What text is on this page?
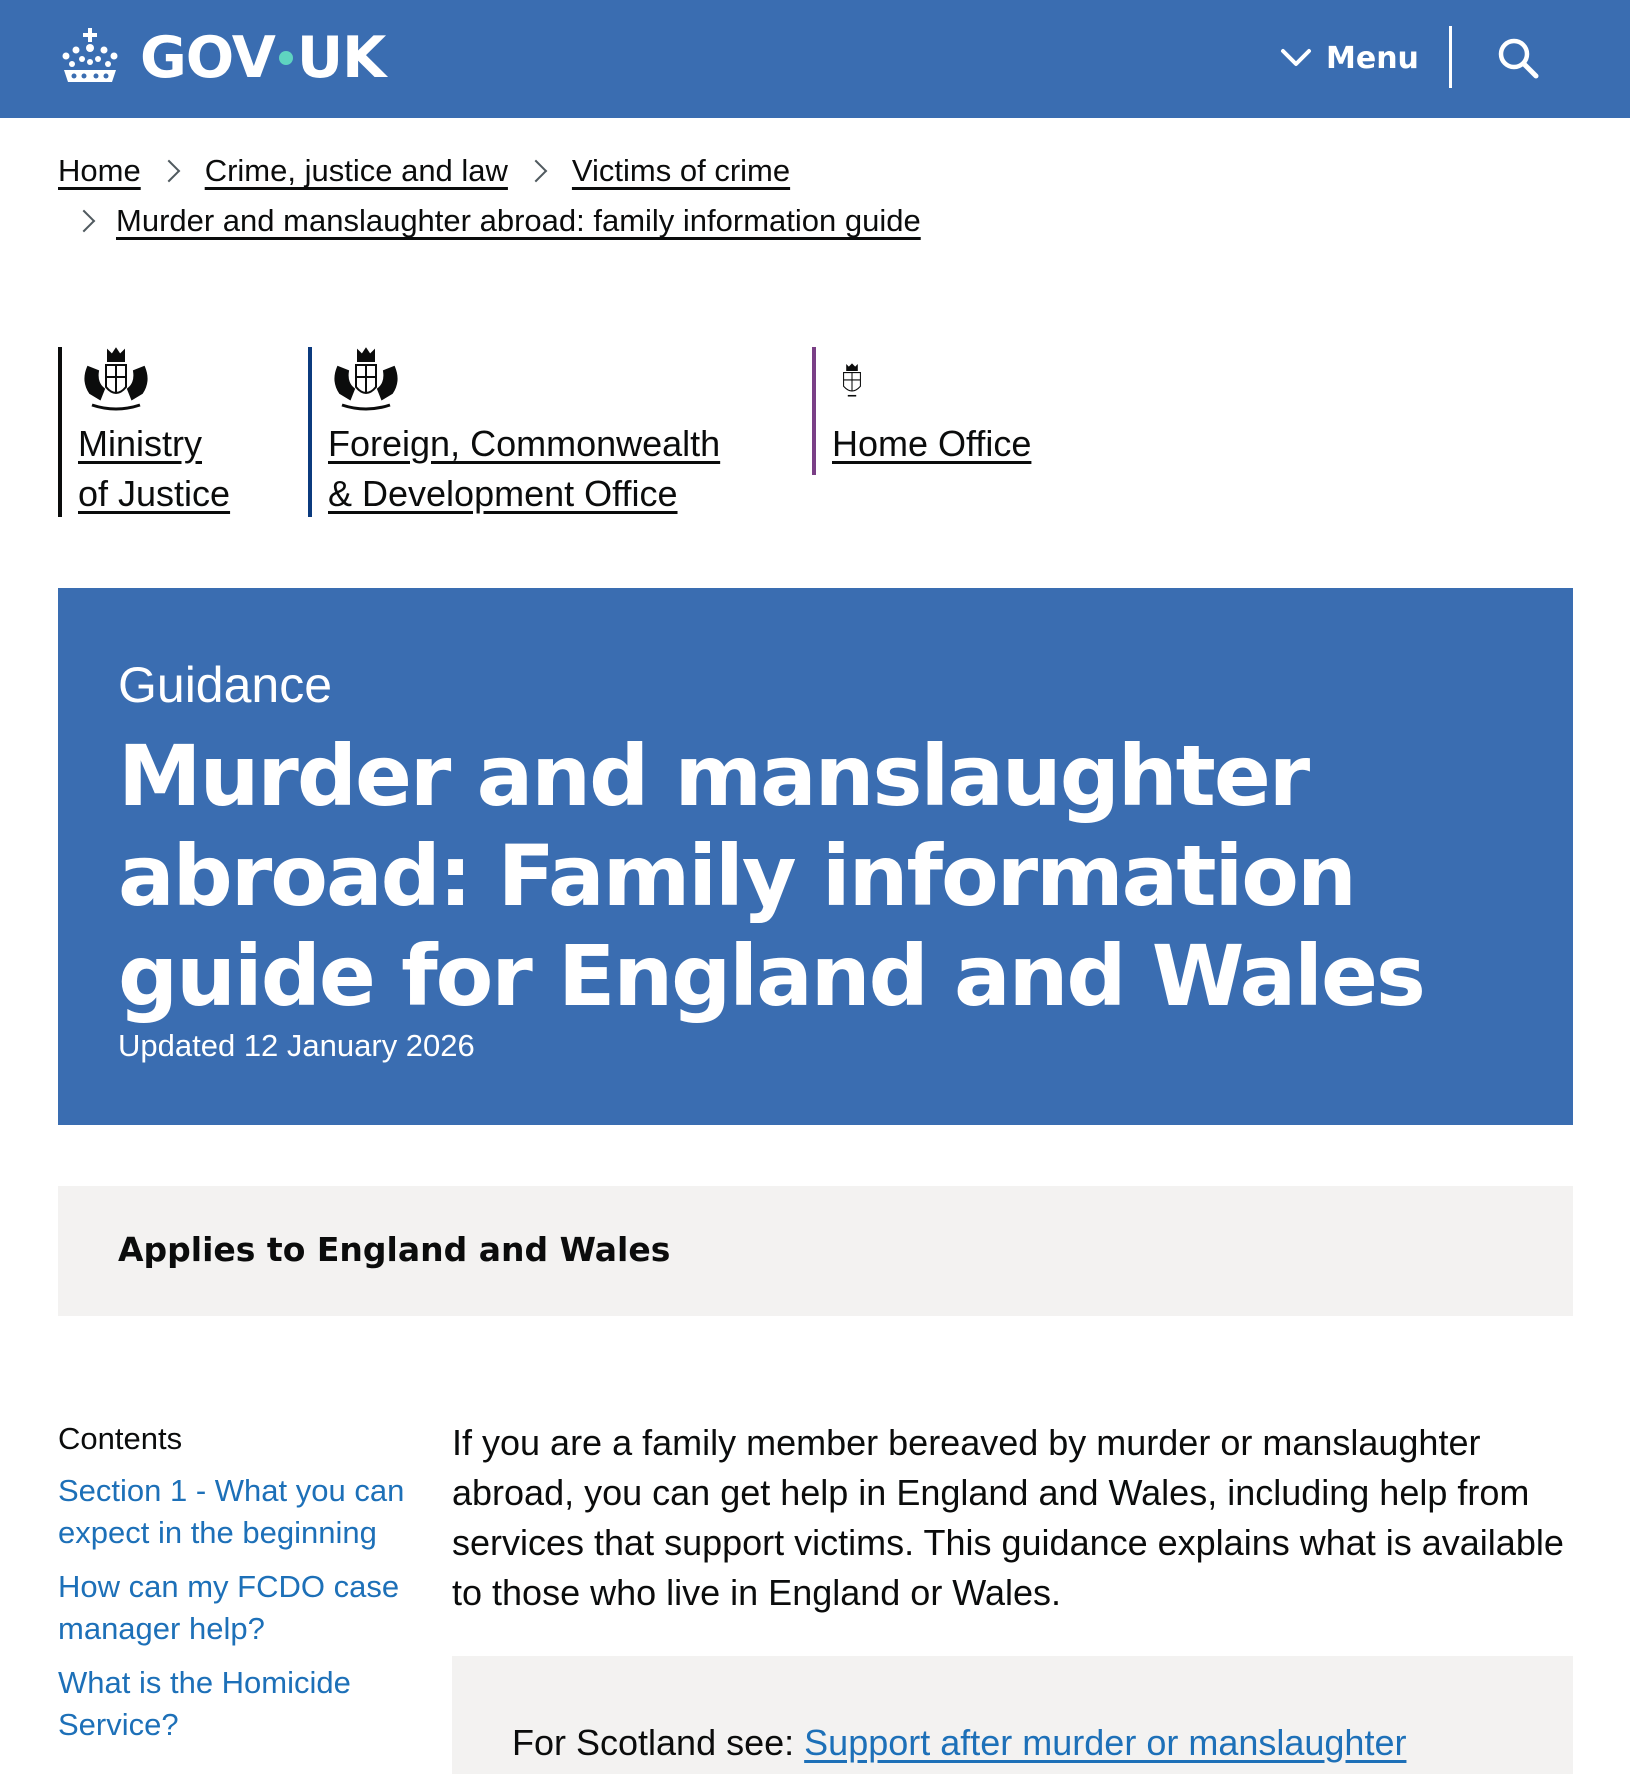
GOV UK	Menu
Home Crime, justice and law Victims of crime
Murder and manslaughter abroad: family information guide
Ministry
of Justice
Foreign, Commonwealth
& Development Office
Home Office
Guidance
Murder and manslaughter abroad: Family information guide for England and Wales
Updated 12 January 2026
Applies to England and Wales
Contents
Section 1 - What you can expect in the beginning
How can my FCDO case manager help?
What is the Homicide Service?

If you are a family member bereaved by murder or manslaughter abroad, you can get help in England and Wales, including help from services that support victims. This guidance explains what is available to those who live in England or Wales.

For Scotland see: Support after murder or manslaughter
